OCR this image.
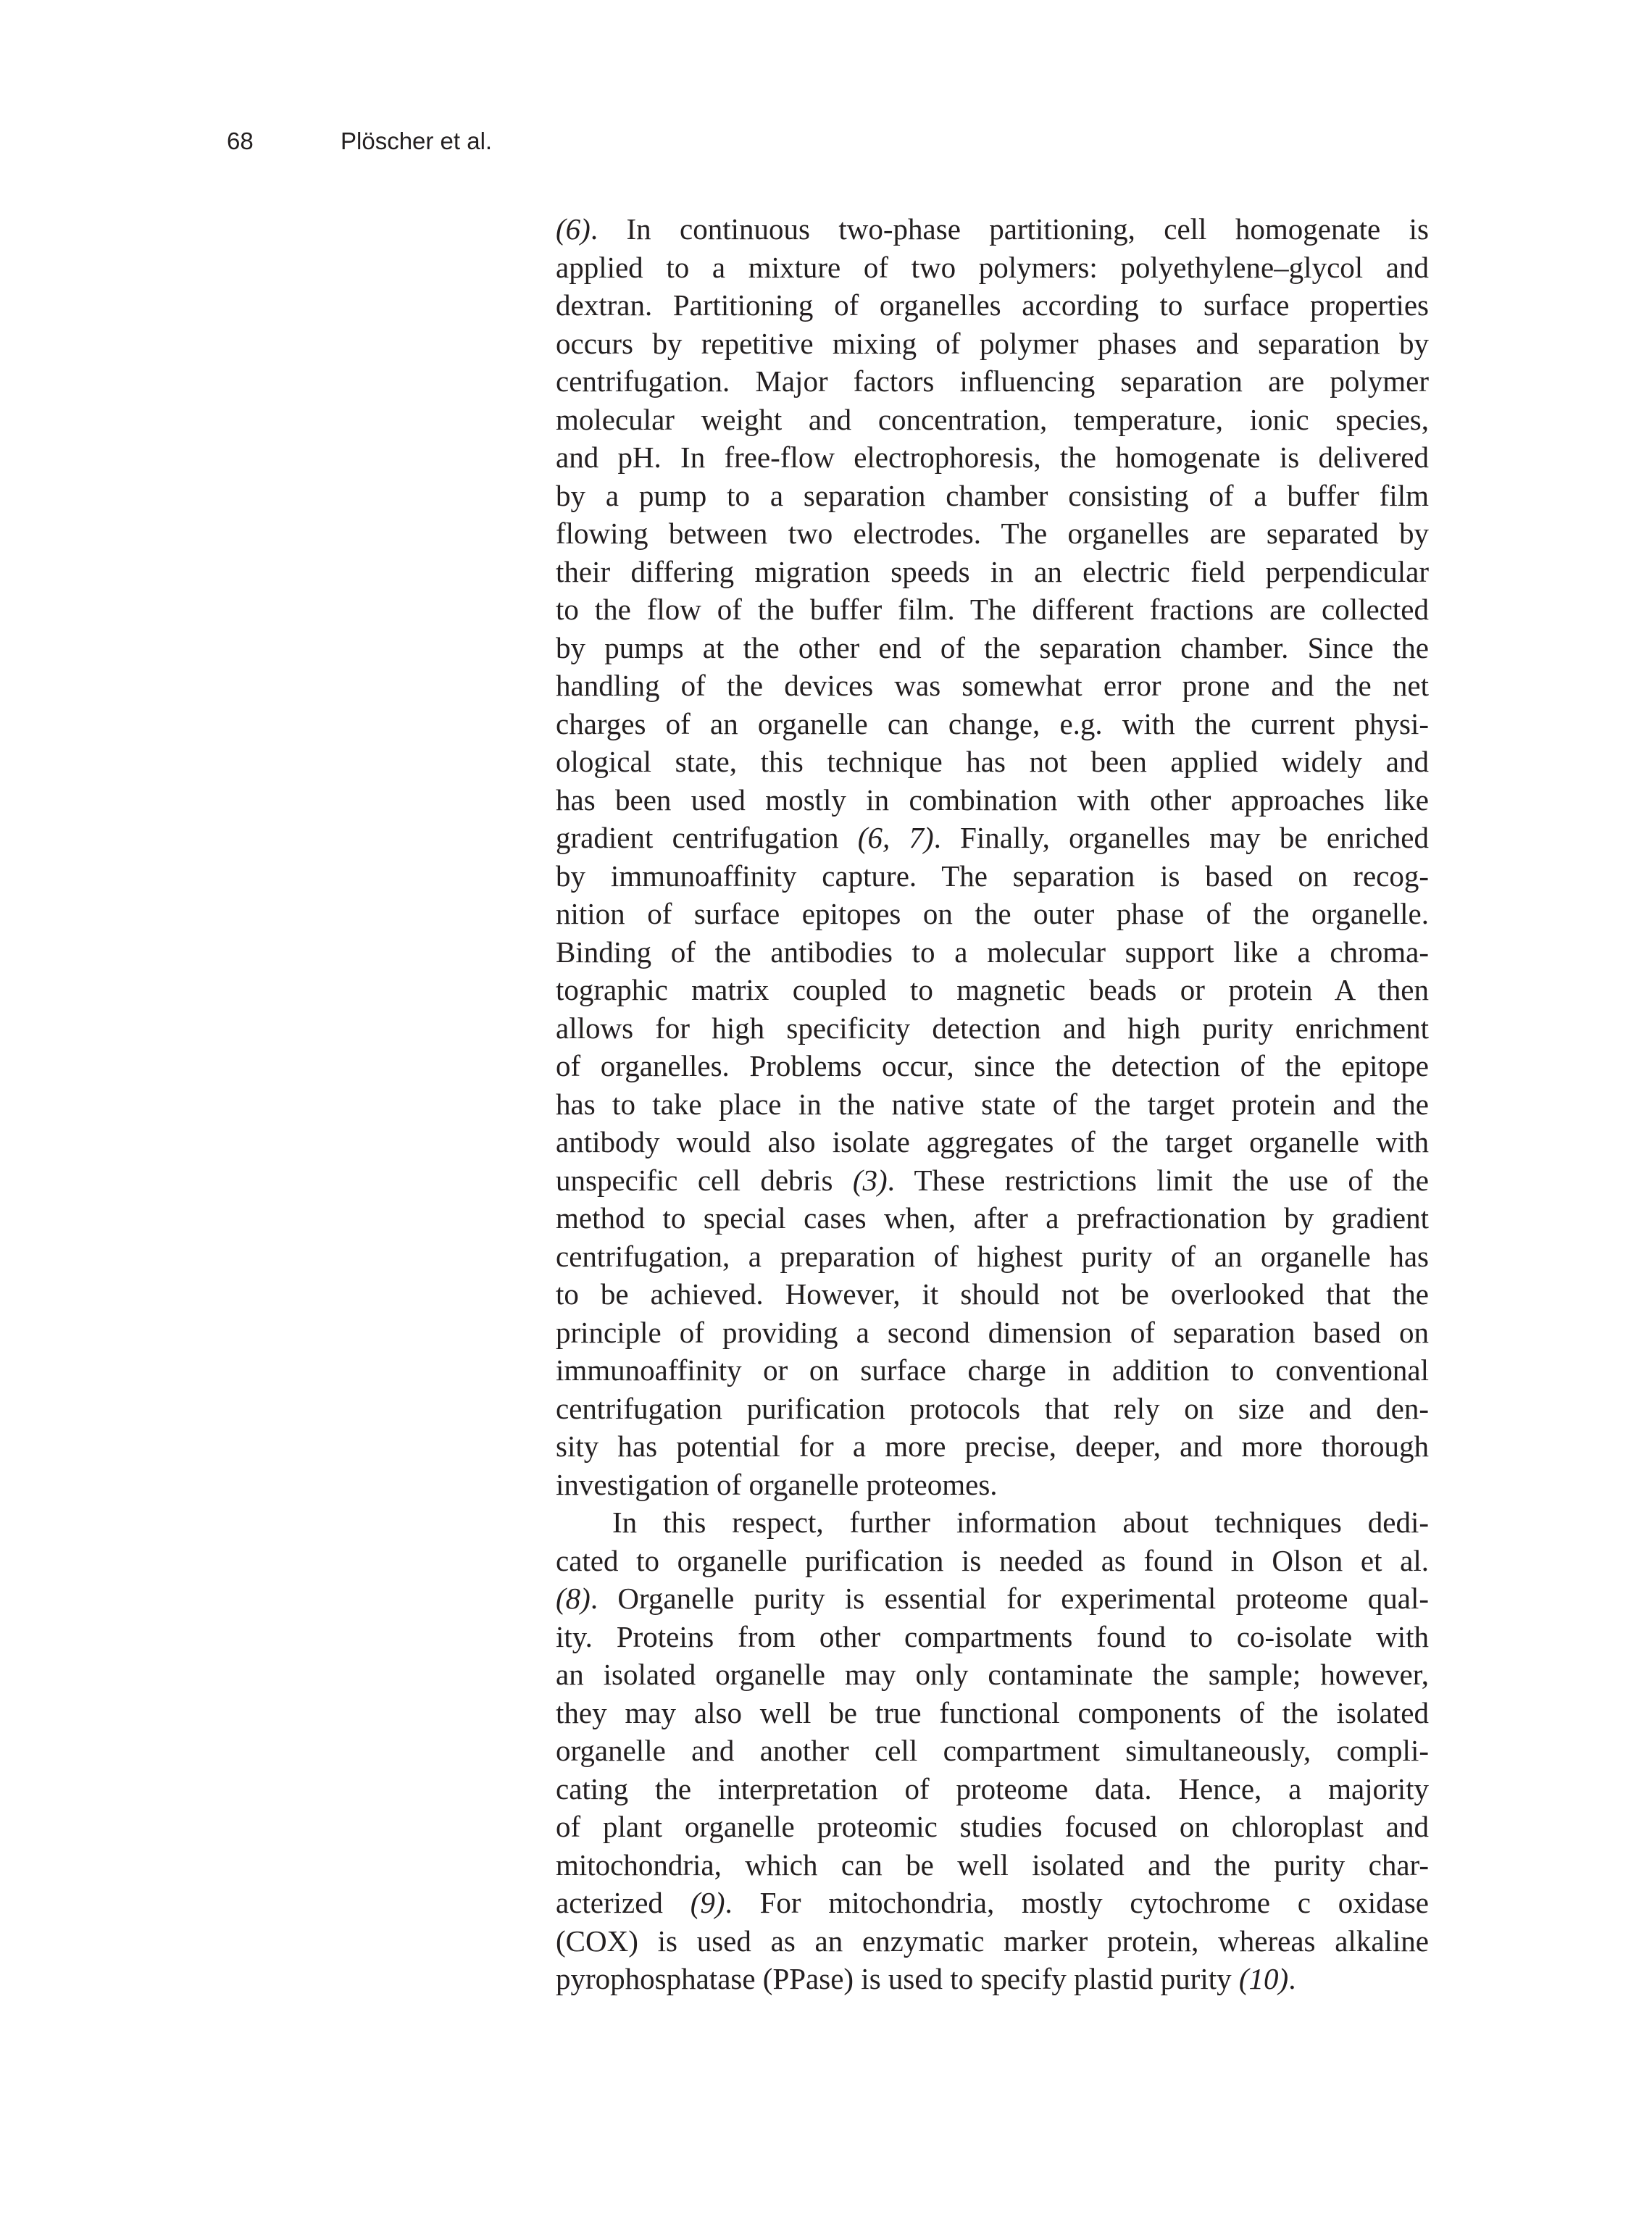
68	Plöscher et al.
(6). In continuous two-phase partitioning, cell homogenate is
applied to a mixture of two polymers: polyethylene–glycol and
dextran. Partitioning of organelles according to surface properties
occurs by repetitive mixing of polymer phases and separation by
centrifugation. Major factors influencing separation are polymer
molecular weight and concentration, temperature, ionic species,
and pH. In free-flow electrophoresis, the homogenate is delivered
by a pump to a separation chamber consisting of a buffer film
flowing between two electrodes. The organelles are separated by
their differing migration speeds in an electric field perpendicular
to the flow of the buffer film. The different fractions are collected
by pumps at the other end of the separation chamber. Since the
handling of the devices was somewhat error prone and the net
charges of an organelle can change, e.g. with the current physi-
ological state, this technique has not been applied widely and
has been used mostly in combination with other approaches like
gradient centrifugation (6, 7). Finally, organelles may be enriched
by immunoaffinity capture. The separation is based on recog-
nition of surface epitopes on the outer phase of the organelle.
Binding of the antibodies to a molecular support like a chroma-
tographic matrix coupled to magnetic beads or protein A then
allows for high specificity detection and high purity enrichment
of organelles. Problems occur, since the detection of the epitope
has to take place in the native state of the target protein and the
antibody would also isolate aggregates of the target organelle with
unspecific cell debris (3). These restrictions limit the use of the
method to special cases when, after a prefractionation by gradient
centrifugation, a preparation of highest purity of an organelle has
to be achieved. However, it should not be overlooked that the
principle of providing a second dimension of separation based on
immunoaffinity or on surface charge in addition to conventional
centrifugation purification protocols that rely on size and den-
sity has potential for a more precise, deeper, and more thorough
investigation of organelle proteomes.
In this respect, further information about techniques dedi-
cated to organelle purification is needed as found in Olson et al.
(8). Organelle purity is essential for experimental proteome qual-
ity. Proteins from other compartments found to co-isolate with
an isolated organelle may only contaminate the sample; however,
they may also well be true functional components of the isolated
organelle and another cell compartment simultaneously, compli-
cating the interpretation of proteome data. Hence, a majority
of plant organelle proteomic studies focused on chloroplast and
mitochondria, which can be well isolated and the purity char-
acterized (9). For mitochondria, mostly cytochrome c oxidase
(COX) is used as an enzymatic marker protein, whereas alkaline
pyrophosphatase (PPase) is used to specify plastid purity (10).
